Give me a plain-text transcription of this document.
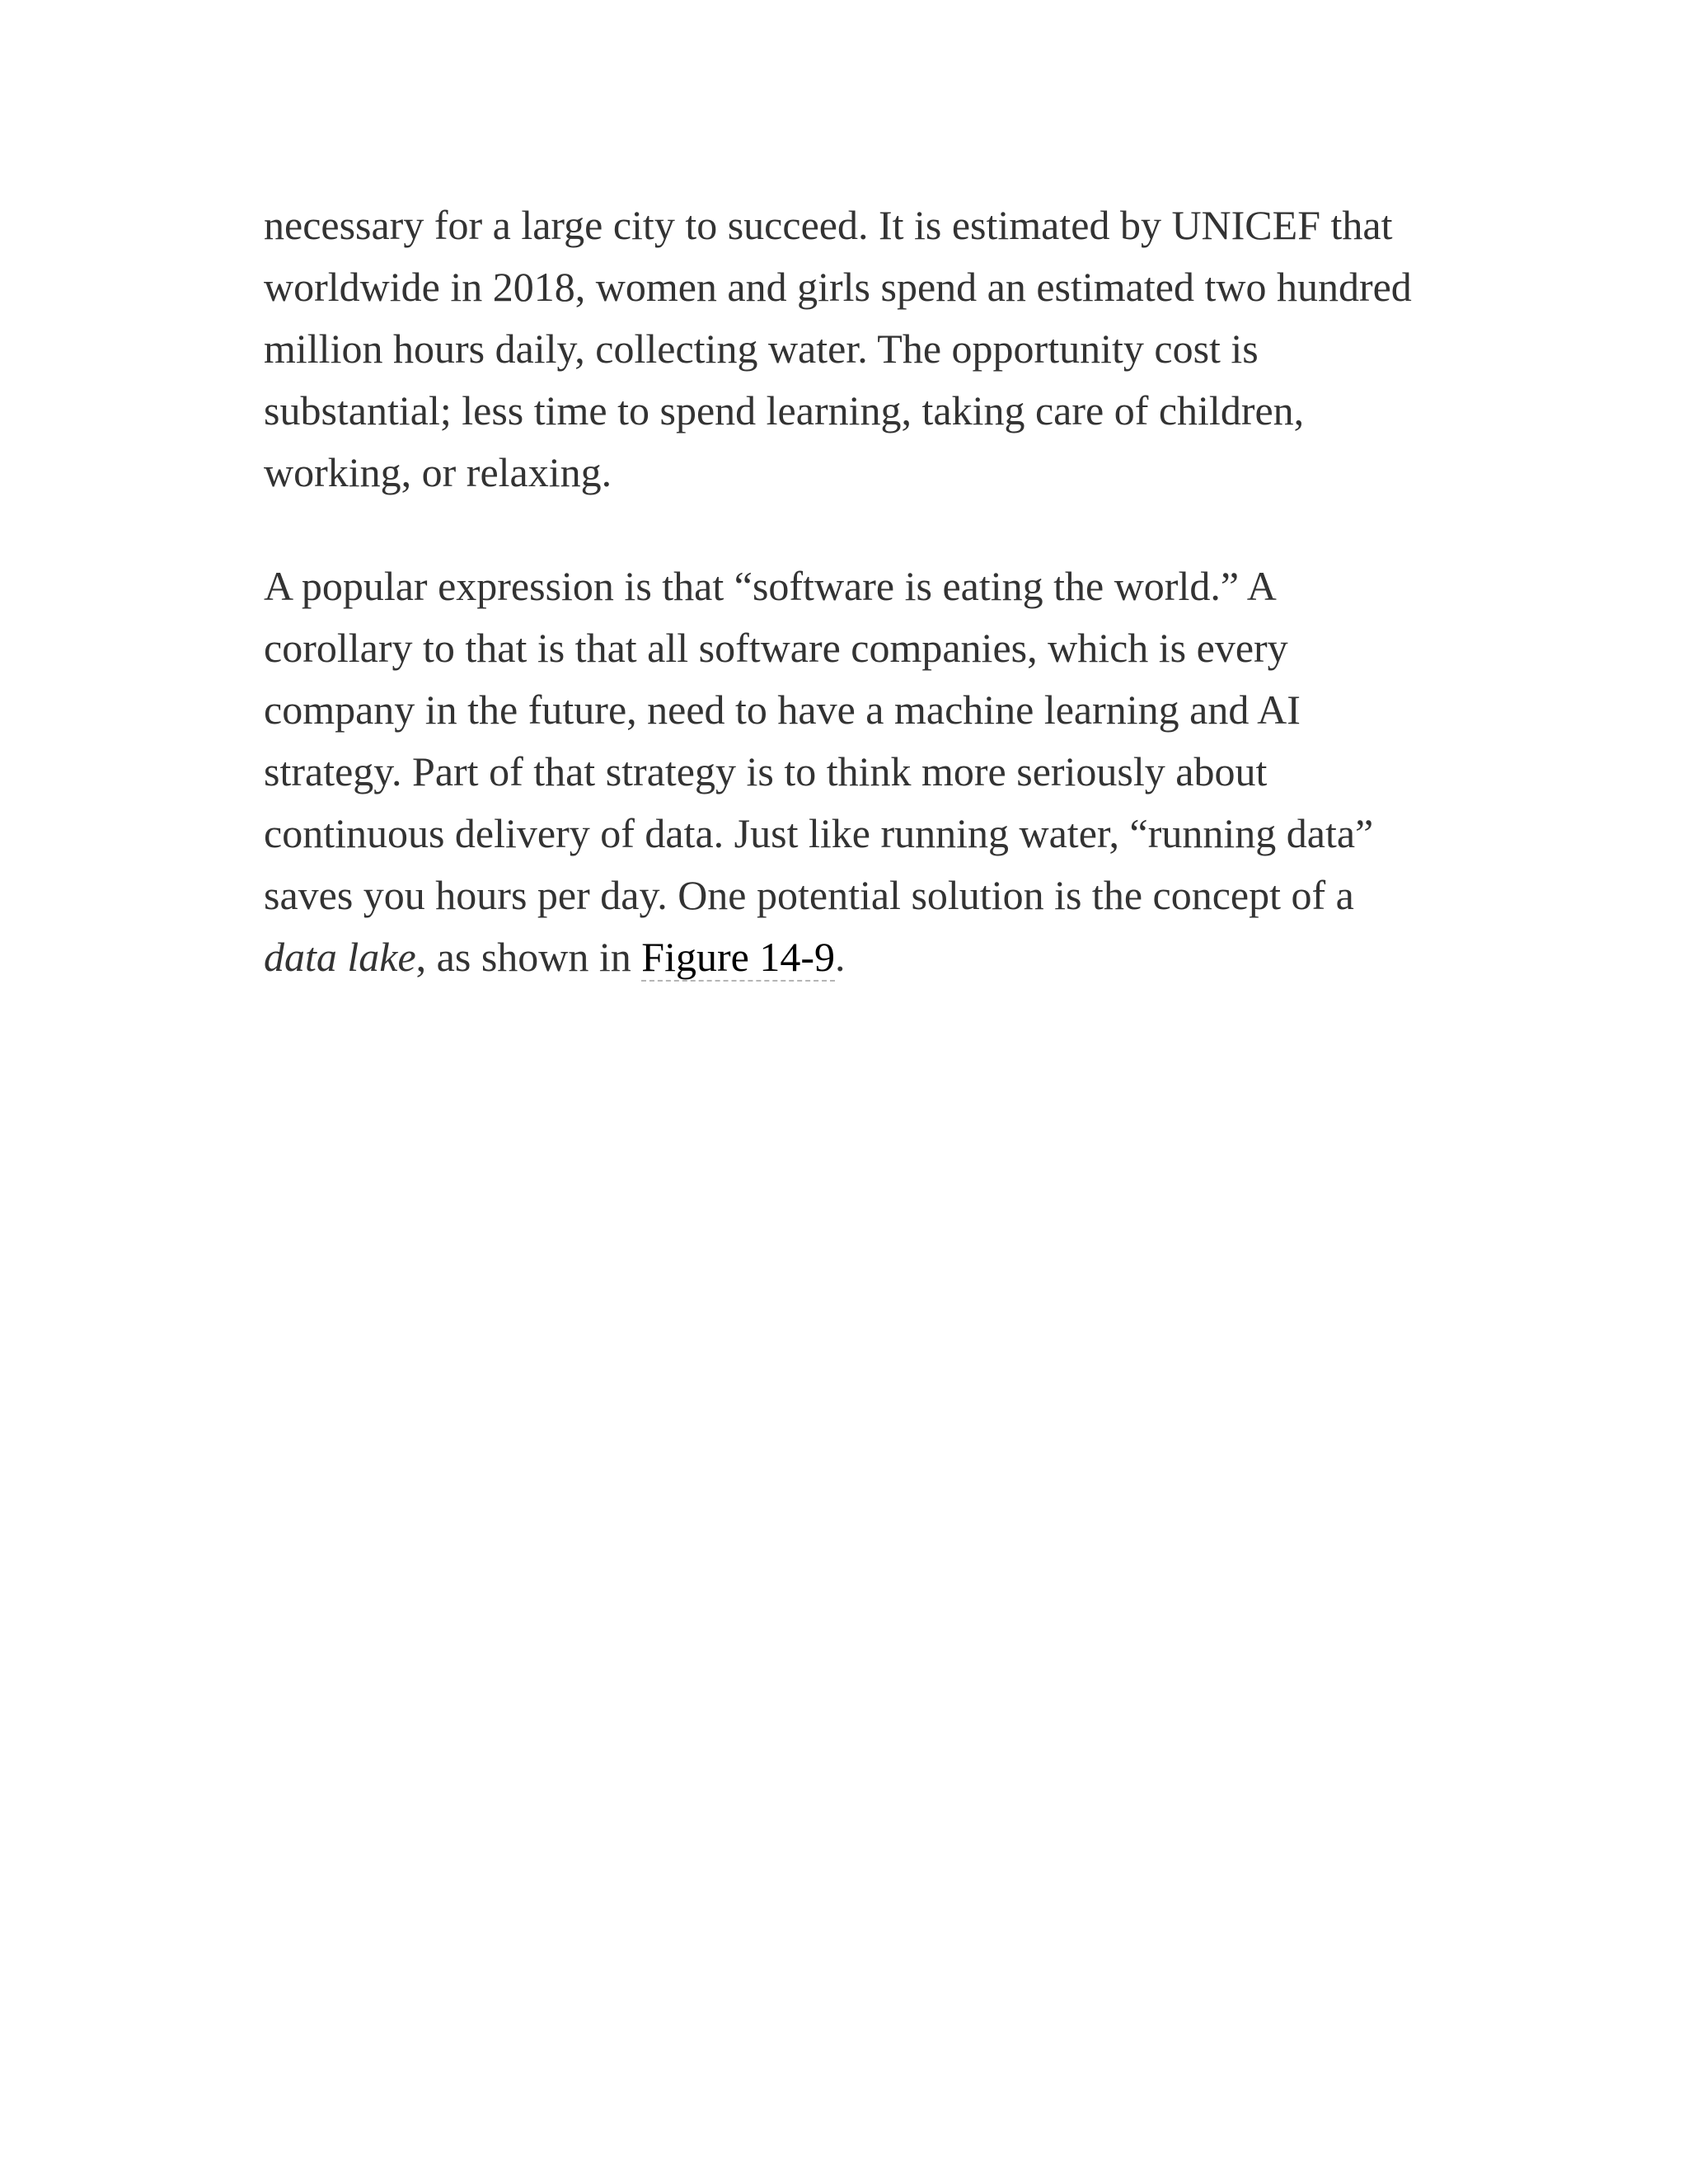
necessary for a large city to succeed. It is estimated by UNICEF that
worldwide in 2018, women and girls spend an estimated two hundred
million hours daily, collecting water. The opportunity cost is
substantial; less time to spend learning, taking care of children,
working, or relaxing.

A popular expression is that “software is eating the world.” A
corollary to that is that all software companies, which is every
company in the future, need to have a machine learning and AI
strategy. Part of that strategy is to think more seriously about
continuous delivery of data. Just like running water, “running data”
saves you hours per day. One potential solution is the concept of a
data lake, as shown in Figure 14-9.
